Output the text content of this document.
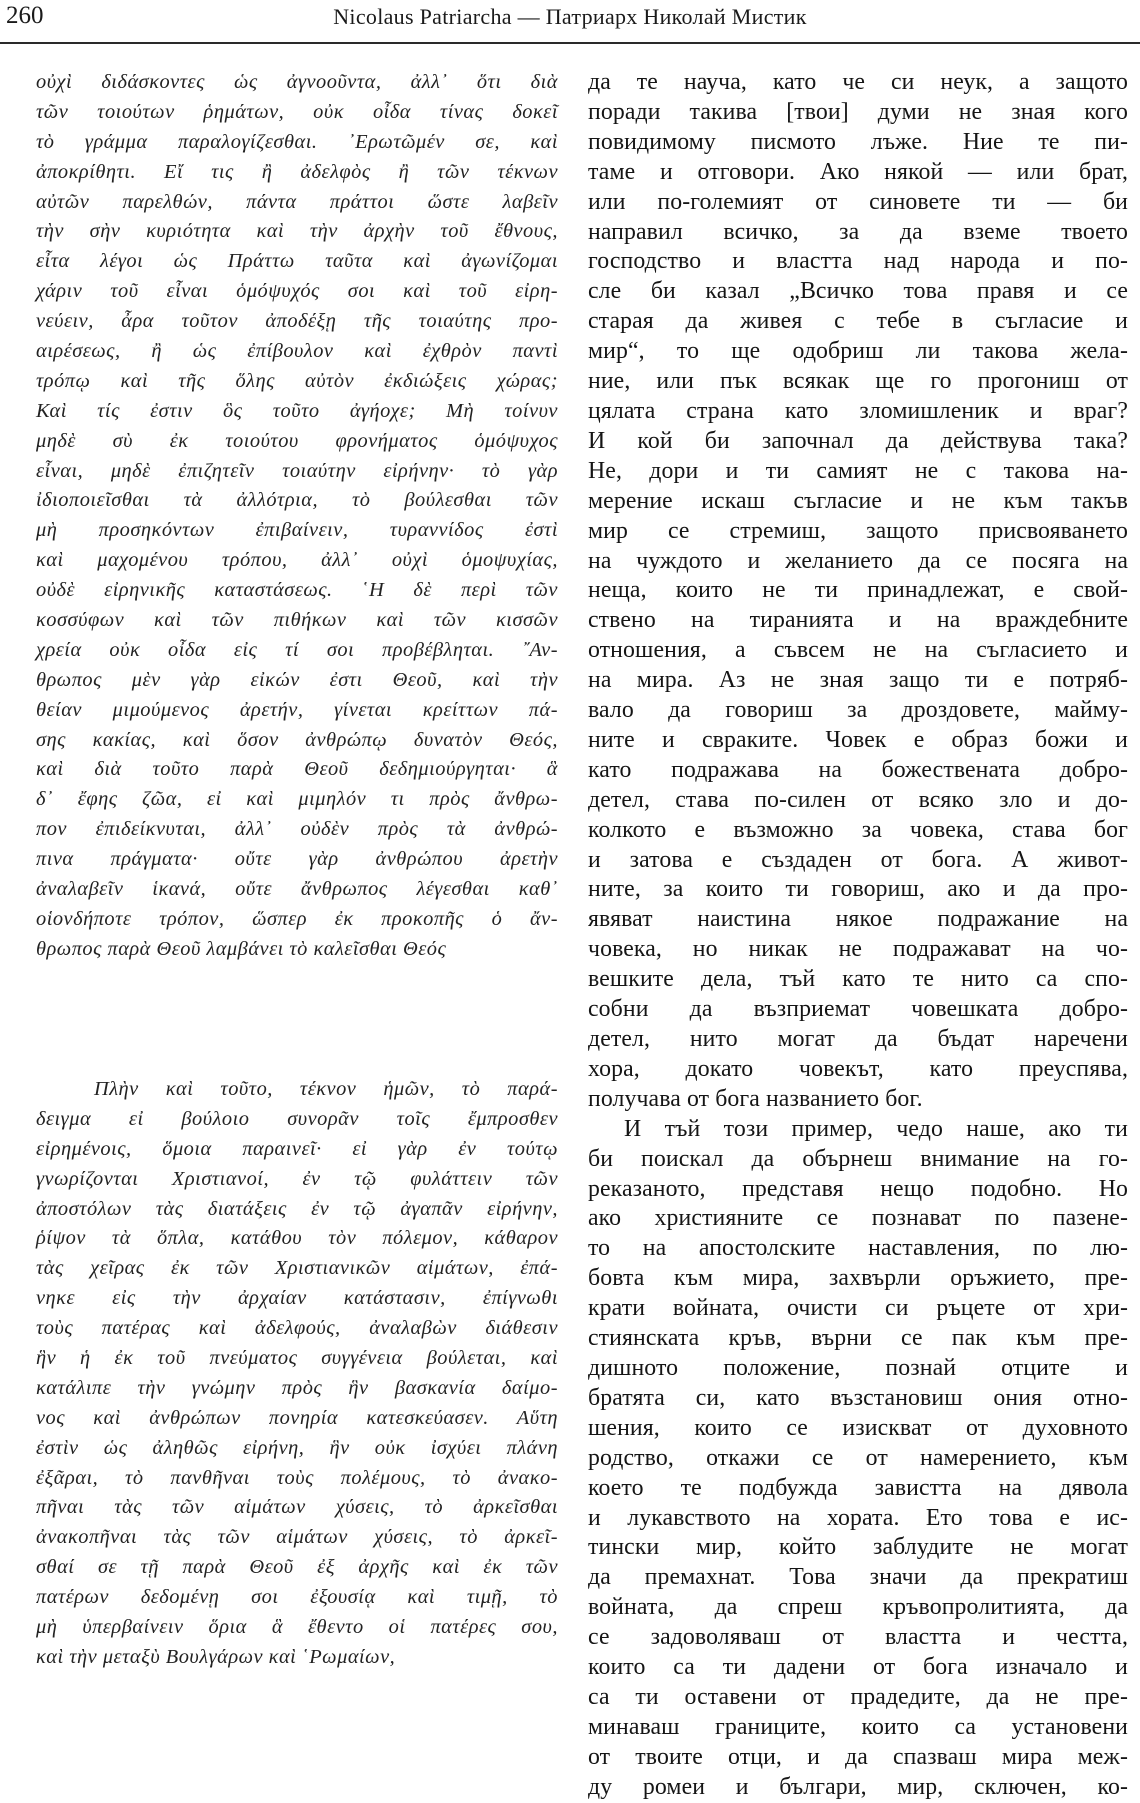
260	Nicolaus Patriarcha — Патриарх Николай Мистик
οὐχὶ διδάσκοντες ὡς ἀγνοοῦντα, ἀλλ᾿ ὅτι διὰ
τῶν τοιούτων ῥημάτων, οὐκ οἶδα τίνας δοκεῖ
τὸ γράμμα παραλογίζεσθαι. ᾿Ερωτῶμέν σε, καὶ
ἀποκρίθητι. Εἴ τις ἢ ἀδελφὸς ἢ τῶν τέκνων
αὐτῶν παρελθών, πάντα πράττοι ὥστε λαβεῖν
τὴν σὴν κυριότητα καὶ τὴν ἀρχὴν τοῦ ἔθνους,
εἶτα λέγοι ὡς Πράττω ταῦτα καὶ ἀγωνίζομαι
χάριν τοῦ εἶναι ὁμόψυχός σοι καὶ τοῦ εἰρη-
νεύειν, ἆρα τοῦτον ἀποδέξῃ τῆς τοιαύτης προ-
αιρέσεως, ἢ ὡς ἐπίβουλον καὶ ἐχθρὸν παντὶ
τρόπῳ καὶ τῆς ὅλης αὐτὸν ἐκδιώξεις χώρας;
Καὶ τίς ἐστιν ὃς τοῦτο ἀγήοχε; Μὴ τοίνυν
μηδὲ σὺ ἐκ τοιούτου φρονήματος ὁμόψυχος
εἶναι, μηδὲ ἐπιζητεῖν τοιαύτην εἰρήνην· τὸ γὰρ
ἰδιοποιεῖσθαι τὰ ἀλλότρια, τὸ βούλεσθαι τῶν
μὴ προσηκόντων ἐπιβαίνειν, τυραννίδος ἐστὶ
καὶ μαχομένου τρόπου, ἀλλ᾿ οὐχὶ ὁμοψυχίας,
οὐδὲ εἰρηνικῆς καταστάσεως. ῾Η δὲ περὶ τῶν
κοσσύφων καὶ τῶν πιθήκων καὶ τῶν κισσῶν
χρεία οὐκ οἶδα εἰς τί σοι προβέβληται. ῎Αν-
θρωπος μὲν γὰρ εἰκών ἐστι Θεοῦ, καὶ τὴν
θείαν μιμούμενος ἀρετήν, γίνεται κρείττων πά-
σης κακίας, καὶ ὅσον ἀνθρώπῳ δυνατὸν Θεός,
καὶ διὰ τοῦτο παρὰ Θεοῦ δεδημιούργηται· ἃ
δ᾿ ἔφης ζῶα, εἰ καὶ μιμηλόν τι πρὸς ἄνθρω-
πον ἐπιδείκνυται, ἀλλ᾿ οὐδὲν πρὸς τὰ ἀνθρώ-
πινα πράγματα· οὔτε γὰρ ἀνθρώπου ἀρετὴν
ἀναλαβεῖν ἱκανά, οὔτε ἄνθρωπος λέγεσθαι καθ᾿
οἱονδήποτε τρόπον, ὥσπερ ἐκ προκοπῆς ὁ ἄν-
θρωπος παρὰ Θεοῦ λαμβάνει τὸ καλεῖσθαι Θεός
Πλὴν καὶ τοῦτο, τέκνον ἡμῶν, τὸ παρά-
δειγμα εἰ βούλοιο συνορᾶν τοῖς ἔμπροσθεν
εἰρημένοις, ὅμοια παραινεῖ· εἰ γὰρ ἐν τούτῳ
γνωρίζονται Χριστιανοί, ἐν τῷ φυλάττειν τῶν
ἀποστόλων τὰς διατάξεις ἐν τῷ ἀγαπᾶν εἰρήνην,
ῥίψον τὰ ὅπλα, κατάθου τὸν πόλεμον, κάθαρον
τὰς χεῖρας ἐκ τῶν Χριστιανικῶν αἱμάτων, ἐπά-
νηκε εἰς τὴν ἀρχαίαν κατάστασιν, ἐπίγνωθι
τοὺς πατέρας καὶ ἀδελφούς, ἀναλαβὼν διάθεσιν
ἣν ἡ ἐκ τοῦ πνεύματος συγγένεια βούλεται, καὶ
κατάλιπε τὴν γνώμην πρὸς ἣν βασκανία δαίμο-
νος καὶ ἀνθρώπων πονηρία κατεσκεύασεν. Αὕτη
ἐστὶν ὡς ἀληθῶς εἰρήνη, ἣν οὐκ ἰσχύει πλάνη
ἐξᾶραι, τὸ πανθῆναι τοὺς πολέμους, τὸ ἀνακο-
πῆναι τὰς τῶν αἱμάτων χύσεις, τὸ ἀρκεῖσθαι
ἀνακοπῆναι τὰς τῶν αἱμάτων χύσεις, τὸ ἀρκεῖ-
σθαί σε τῇ παρὰ Θεοῦ ἐξ ἀρχῆς καὶ ἐκ τῶν
πατέρων δεδομένῃ σοι ἐξουσίᾳ καὶ τιμῇ, τὸ
μὴ ὑπερβαίνειν ὅρια ἃ ἔθεντο οἱ πατέρες σου,
καὶ τὴν μεταξὺ Βουλγάρων καὶ ῾Ρωμαίων,
да те науча, като че си неук, а защото
поради такива [твои] думи не зная кого
повидимому писмото лъже. Ние те пи-
таме и отговори. Ако някой — или брат,
или по-големият от синовете ти — би
направил всичко, за да вземе твоето
господство и властта над народа и по-
сле би казал „Всичко това правя и се
старая да живея с тебе в съгласие и
мир“, то ще одобриш ли такова жела-
ние, или пък всякак ще го прогониш от
цялата страна като зломишленик и враг?
И кой би започнал да действува така?
Не, дори и ти самият не с такова на-
мерение искаш съгласие и не към такъв
мир се стремиш, защото присвояването
на чуждото и желанието да се посяга на
неща, които не ти принадлежат, е свой-
ствено на тиранията и на враждебните
отношения, а съвсем не на съгласието и
на мира. Аз не зная защо ти е потряб-
вало да говориш за дроздовете, майму-
ните и свраките. Човек е образ божи и
като подражава на божествената добро-
детел, става по-силен от всяко зло и до-
колкото е възможно за човека, става бог
и затова е създаден от бога. А живот-
ните, за които ти говориш, ако и да про-
явяват наистина някое подражание на
човека, но никак не подражават на чо-
вешките дела, тъй като те нито са спо-
собни да възприемат човешката добро-
детел, нито могат да бъдат наречени
хора, докато човекът, като преуспява,
получава от бога названието бог.
И тъй този пример, чедо наше, ако ти
би поискал да обърнеш внимание на го-
реказаното, представя нещо подобно. Но
ако християните се познават по пазене-
то на апостолските наставления, по лю-
бовта към мира, захвърли оръжието, пре-
крати войната, очисти си ръцете от хри-
стиянската кръв, върни се пак към пре-
дишното положение, познай отците и
братята си, като възстановиш ония отно-
шения, които се изискват от духовното
родство, откажи се от намерението, към
което те подбужда завистта на дявола
и лукавството на хората. Ето това е ис-
тински мир, който заблудите не могат
да премахнат. Това значи да прекратиш
войната, да спреш кръвопролитията, да
се задоволяваш от властта и честта,
които са ти дадени от бога изначало и
са ти оставени от прадедите, да не пре-
минаваш границите, които са установени
от твоите отци, и да спазваш мира меж-
ду ромеи и българи, мир, сключен, ко-
